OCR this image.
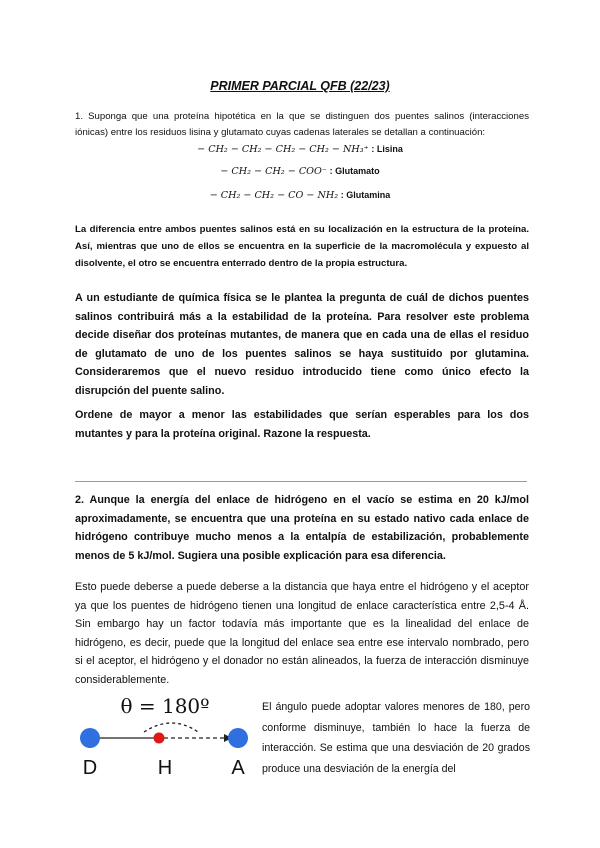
PRIMER PARCIAL QFB (22/23)
1. Suponga que una proteína hipotética en la que se distinguen dos puentes salinos (interacciones iónicas) entre los residuos lisina y glutamato cuyas cadenas laterales se detallan a continuación:
− CH₂ − CH₂ − CH₂ − CH₂ − NH₃⁺ : Lisina
− CH₂ − CH₂ − COO⁻ : Glutamato
− CH₂ − CH₂ − CO − NH₂ : Glutamina
La diferencia entre ambos puentes salinos está en su localización en la estructura de la proteína. Así, mientras que uno de ellos se encuentra en la superficie de la macromolécula y expuesto al disolvente, el otro se encuentra enterrado dentro de la propia estructura.
A un estudiante de química física se le plantea la pregunta de cuál de dichos puentes salinos contribuirá más a la estabilidad de la proteína. Para resolver este problema decide diseñar dos proteínas mutantes, de manera que en cada una de ellas el residuo de glutamato de uno de los puentes salinos se haya sustituido por glutamina. Consideraremos que el nuevo residuo introducido tiene como único efecto la disrupción del puente salino.
Ordene de mayor a menor las estabilidades que serían esperables para los dos mutantes y para la proteína original. Razone la respuesta.
2. Aunque la energía del enlace de hidrógeno en el vacío se estima en 20 kJ/mol aproximadamente, se encuentra que una proteína en su estado nativo cada enlace de hidrógeno contribuye mucho menos a la entalpía de estabilización, probablemente menos de 5 kJ/mol. Sugiera una posible explicación para esa diferencia.
Esto puede deberse a puede deberse a la distancia que haya entre el hidrógeno y el aceptor ya que los puentes de hidrógeno tienen una longitud de enlace característica entre 2,5-4 Å. Sin embargo hay un factor todavía más importante que es la linealidad del enlace de hidrógeno, es decir, puede que la longitud del enlace sea entre ese intervalo nombrado, pero si el aceptor, el hidrógeno y el donador no están alineados, la fuerza de interacción disminuye considerablemente.
θ = 180º
D	H	A
El ángulo puede adoptar valores menores de 180, pero conforme disminuye, también lo hace la fuerza de interacción. Se estima que una desviación de 20 grados produce una desviación de la energía del
